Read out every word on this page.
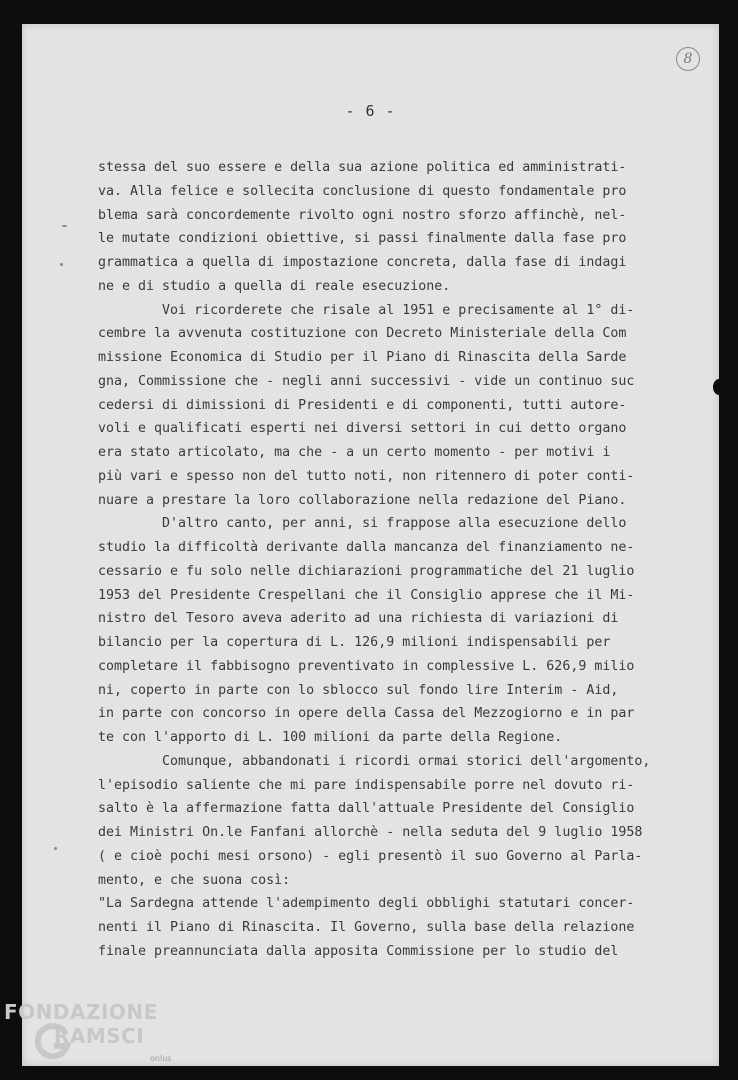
8
- 6 -
stessa del suo essere e della sua azione politica ed amministrati-
va. Alla felice e sollecita conclusione di questo fondamentale pro
blema sarà concordemente rivolto ogni nostro sforzo affinchè, nel-
le mutate condizioni obiettive, si passi finalmente dalla fase pro
grammatica a quella di impostazione concreta, dalla fase di indagi
ne e di studio a quella di reale esecuzione.
Voi ricorderete che risale al 1951 e precisamente al 1° di-
cembre la avvenuta costituzione con Decreto Ministeriale della Com
missione Economica di Studio per il Piano di Rinascita della Sarde
gna, Commissione che - negli anni successivi - vide un continuo suc
cedersi di dimissioni di Presidenti e di componenti, tutti autore-
voli e qualificati esperti nei diversi settori in cui detto organo
era stato articolato, ma che - a un certo momento - per motivi i
più vari e spesso non del tutto noti, non ritennero di poter conti-
nuare a prestare la loro collaborazione nella redazione del Piano.
D'altro canto, per anni, si frappose alla esecuzione dello
studio la difficoltà derivante dalla mancanza del finanziamento ne-
cessario e fu solo nelle dichiarazioni programmatiche del 21 luglio
1953 del Presidente Crespellani che il Consiglio apprese che il Mi-
nistro del Tesoro aveva aderito ad una richiesta di variazioni di
bilancio per la copertura di L. 126,9 milioni indispensabili per
completare il fabbisogno preventivato in complessive L. 626,9 milio
ni, coperto in parte con lo sblocco sul fondo lire Interim - Aid,
in parte con concorso in opere della Cassa del Mezzogiorno e in par
te con l'apporto di L. 100 milioni da parte della Regione.
Comunque, abbandonati i ricordi ormai storici dell'argomento,
l'episodio saliente che mi pare indispensabile porre nel dovuto ri-
salto è la affermazione fatta dall'attuale Presidente del Consiglio
dei Ministri On.le Fanfani allorchè - nella seduta del 9 luglio 1958
( e cioè pochi mesi orsono) - egli presentò il suo Governo al Parla-
mento, e che suona così:
"La Sardegna attende l'adempimento degli obblighi statutari concer-
nenti il Piano di Rinascita. Il Governo, sulla base della relazione
finale preannunciata dalla apposita Commissione per lo studio del
FONDAZIONE
RAMSCI
onlus
